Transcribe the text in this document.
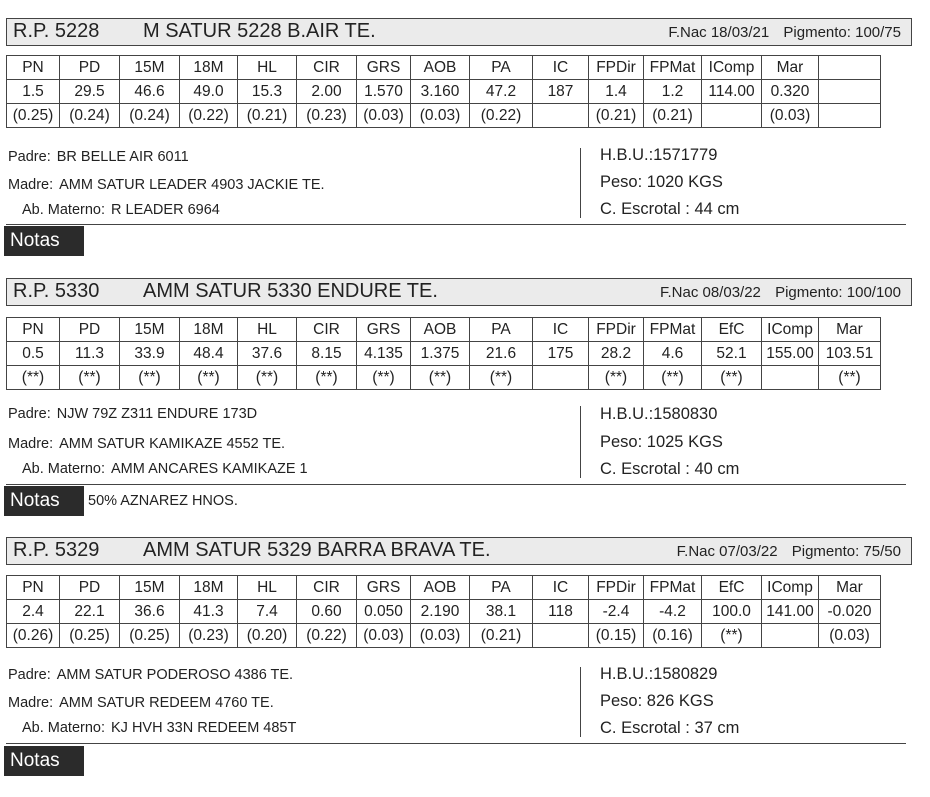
R.P. 5228 M SATUR 5228 B.AIR TE.	F.Nac 18/03/21 Pigmento: 100/75
PN	PD	15M	18M	HL	CIR	GRS	AOB	PA	IC	FPDir	FPMat	IComp	Mar	
1.5	29.5	46.6	49.0	15.3	2.00	1.570	3.160	47.2	187	1.4	1.2	114.00	0.320	
(0.25)	(0.24)	(0.24)	(0.22)	(0.21)	(0.23)	(0.03)	(0.03)	(0.22)		(0.21)	(0.21)		(0.03)	
Padre: BR BELLE AIR 6011
Madre: AMM SATUR LEADER 4903 JACKIE TE.
Ab. Materno: R LEADER 6964
H.B.U.:1571779
Peso: 1020 KGS
C. Escrotal : 44 cm
Notas
R.P. 5330 AMM SATUR 5330 ENDURE TE.	F.Nac 08/03/22 Pigmento: 100/100
PN	PD	15M	18M	HL	CIR	GRS	AOB	PA	IC	FPDir	FPMat	EfC	IComp	Mar
0.5	11.3	33.9	48.4	37.6	8.15	4.135	1.375	21.6	175	28.2	4.6	52.1	155.00	103.51
(**)	(**)	(**)	(**)	(**)	(**)	(**)	(**)	(**)		(**)	(**)	(**)		(**)
Padre: NJW 79Z Z311 ENDURE 173D
Madre: AMM SATUR KAMIKAZE 4552 TE.
Ab. Materno: AMM ANCARES KAMIKAZE 1
H.B.U.:1580830
Peso: 1025 KGS
C. Escrotal : 40 cm
Notas	50% AZNAREZ HNOS.
R.P. 5329 AMM SATUR 5329 BARRA BRAVA TE.	F.Nac 07/03/22 Pigmento: 75/50
PN	PD	15M	18M	HL	CIR	GRS	AOB	PA	IC	FPDir	FPMat	EfC	IComp	Mar
2.4	22.1	36.6	41.3	7.4	0.60	0.050	2.190	38.1	118	-2.4	-4.2	100.0	141.00	-0.020
(0.26)	(0.25)	(0.25)	(0.23)	(0.20)	(0.22)	(0.03)	(0.03)	(0.21)		(0.15)	(0.16)	(**)		(0.03)
Padre: AMM SATUR PODEROSO 4386 TE.
Madre: AMM SATUR REDEEM 4760 TE.
Ab. Materno: KJ HVH 33N REDEEM 485T
H.B.U.:1580829
Peso: 826 KGS
C. Escrotal : 37 cm
Notas
